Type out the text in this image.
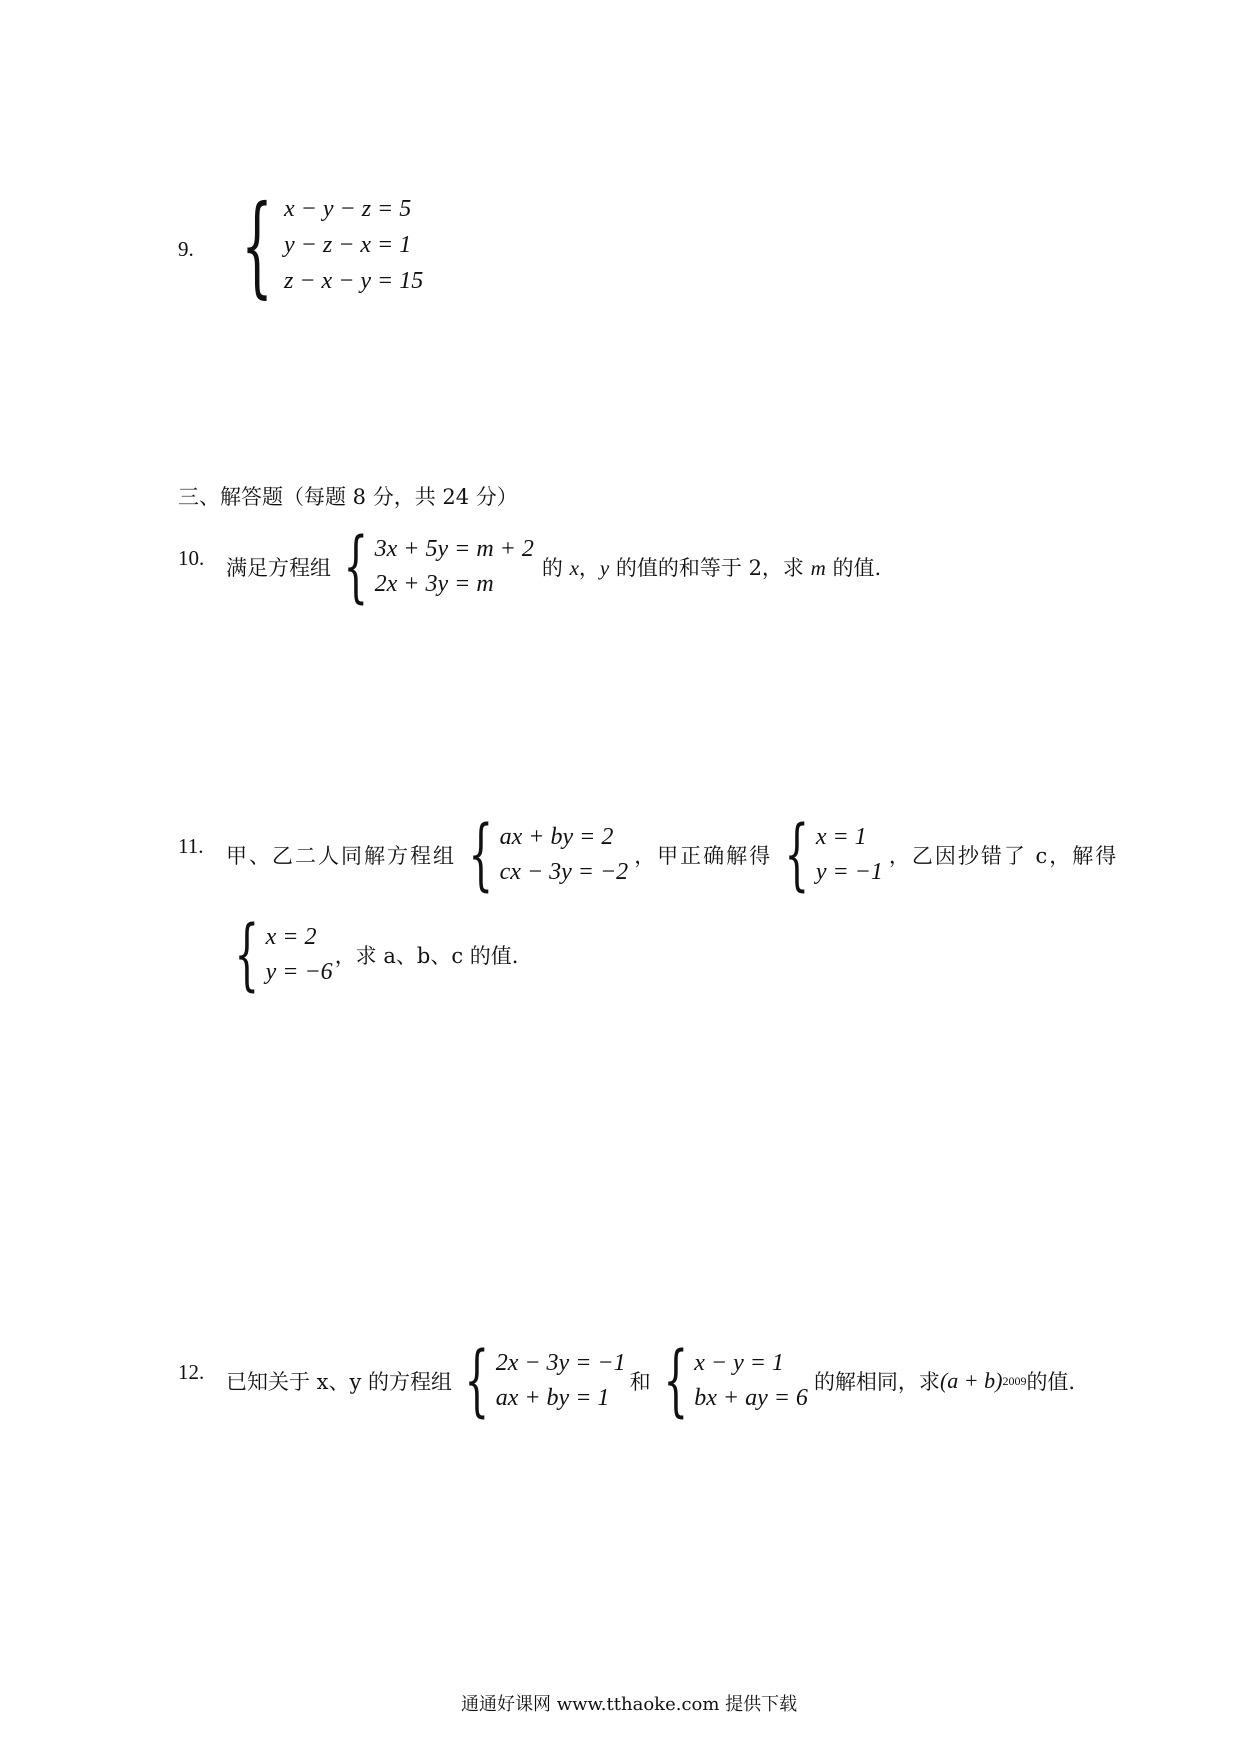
9. { x − y − z = 5
y − z − x = 1
z − x − y = 15
三、解答题（每题 8 分，共 24 分）
10. 满足方程组 { 3x + 5y = m + 2
2x + 3y = m
的 x，y 的值的和等于 2，求 m 的值.
11. 甲、乙二人同解方程组 { ax + by = 2
cx − 3y = −2
，甲正确解得 { x = 1
y = −1
，乙因抄错了 c，解得
{ x = 2
y = −6
，求 a、b、c 的值.
12. 已知关于 x、y 的方程组 { 2x − 3y = −1
ax + by = 1
和 { x − y = 1
bx + ay = 6
的解相同，求 (a + b) 2009 的值.
通通好课网 www.tthaoke.com 提供下载
